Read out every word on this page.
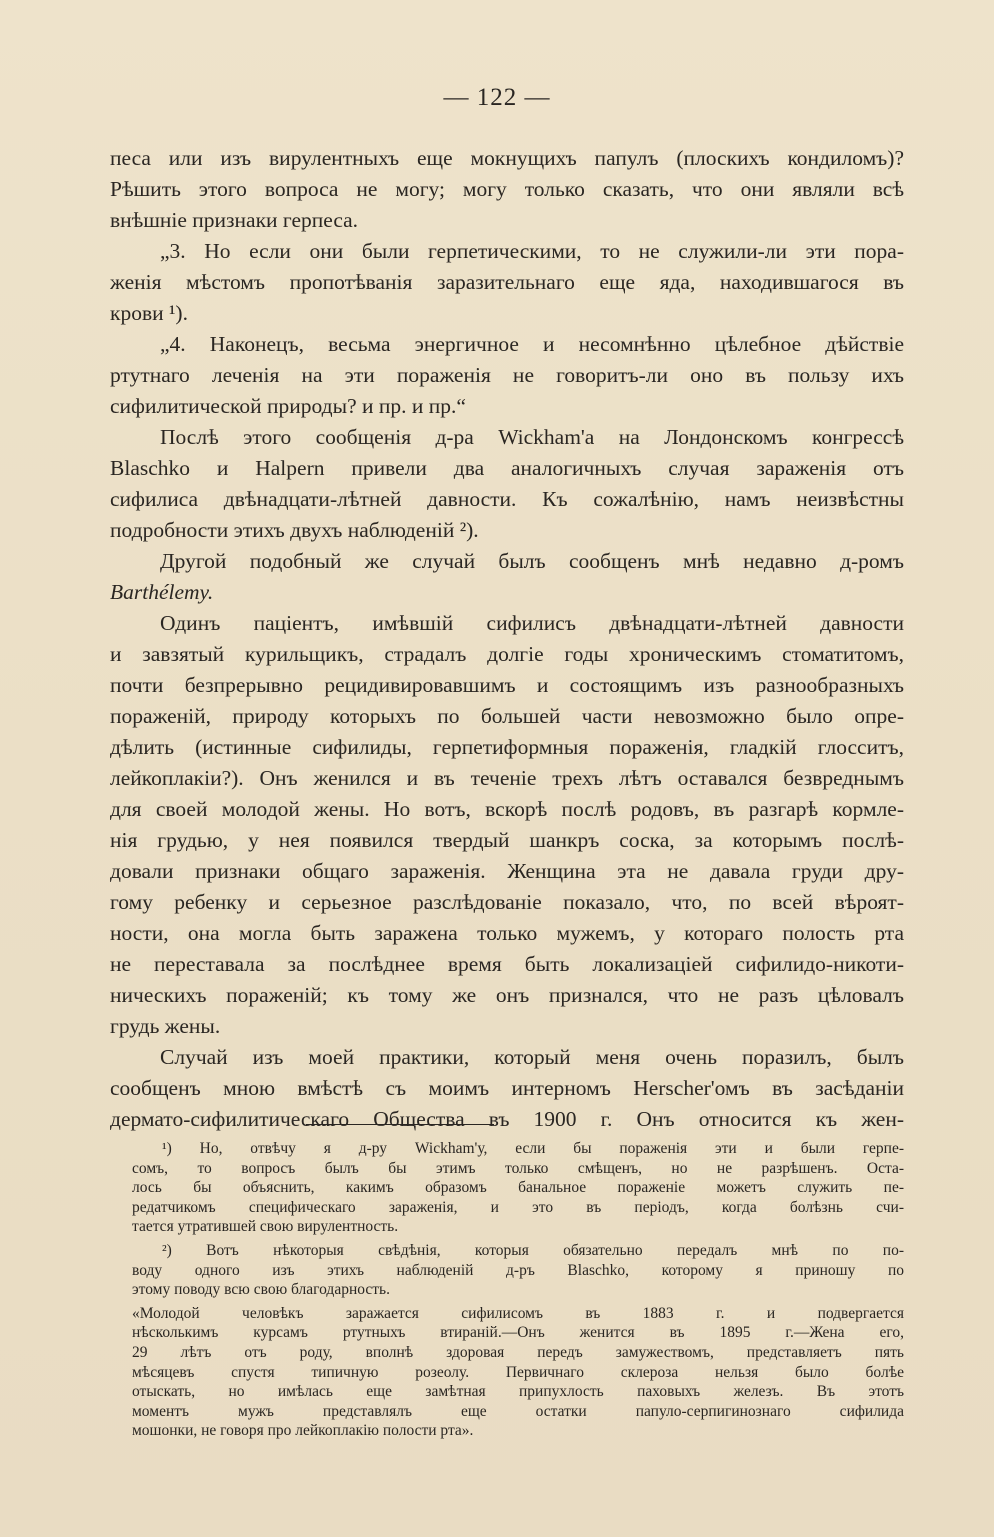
— 122 —
песа или изъ вирулентныхъ еще мокнущихъ папулъ (плоскихъ кондиломъ)?
Рѣшить этого вопроса не могу; могу только сказать, что они являли всѣ
внѣшніе признаки герпеса.
„3. Но если они были герпетическими, то не служили-ли эти пора-
женія мѣстомъ пропотѣванія заразительнаго еще яда, находившагося въ
крови ¹).
„4. Наконецъ, весьма энергичное и несомнѣнно цѣлебное дѣйствіе
ртутнаго леченія на эти пораженія не говоритъ-ли оно въ пользу ихъ
сифилитической природы? и пр. и пр.“
Послѣ этого сообщенія д-ра Wickham'а на Лондонскомъ конгрессѣ
Blaschko и Halpern привели два аналогичныхъ случая зараженія отъ
сифилиса двѣнадцати-лѣтней давности. Къ сожалѣнію, намъ неизвѣстны
подробности этихъ двухъ наблюденій ²).
Другой подобный же случай былъ сообщенъ мнѣ недавно д-ромъ
Barthélemy.
Одинъ паціентъ, имѣвшій сифилисъ двѣнадцати-лѣтней давности
и завзятый курильщикъ, страдалъ долгіе годы хроническимъ стоматитомъ,
почти безпрерывно рецидивировавшимъ и состоящимъ изъ разнообразныхъ
пораженій, природу которыхъ по большей части невозможно было опре-
дѣлить (истинные сифилиды, герпетиформныя пораженія, гладкій глосситъ,
лейкоплакіи?). Онъ женился и въ теченіе трехъ лѣтъ оставался безвреднымъ
для своей молодой жены. Но вотъ, вскорѣ послѣ родовъ, въ разгарѣ кормле-
нія грудью, у нея появился твердый шанкръ соска, за которымъ послѣ-
довали признаки общаго зараженія. Женщина эта не давала груди дру-
гому ребенку и серьезное разслѣдованіе показало, что, по всей вѣроят-
ности, она могла быть заражена только мужемъ, у котораго полость рта
не переставала за послѣднее время быть локализаціей сифилидо-никоти-
ническихъ пораженій; къ тому же онъ признался, что не разъ цѣловалъ
грудь жены.
Случай изъ моей практики, который меня очень поразилъ, былъ
сообщенъ мною вмѣстѣ съ моимъ интерномъ Herscher'омъ въ засѣданіи
дермато-сифилитическаго Общества въ 1900 г. Онъ относится къ жен-
¹) Но, отвѣчу я д-ру Wickham'у, если бы пораженія эти и были герпе-
сомъ, то вопросъ былъ бы этимъ только смѣщенъ, но не разрѣшенъ. Оста-
лось бы объяснить, какимъ образомъ банальное пораженіе можетъ служить пе-
редатчикомъ специфическаго зараженія, и это въ періодъ, когда болѣзнь счи-
тается утратившей свою вирулентность.
²) Вотъ нѣкоторыя свѣдѣнія, которыя обязательно передалъ мнѣ по по-
воду одного изъ этихъ наблюденій д-ръ Blaschko, которому я приношу по
этому поводу всю свою благодарность.
«Молодой человѣкъ заражается сифилисомъ въ 1883 г. и подвергается
нѣсколькимъ курсамъ ртутныхъ втираній.—Онъ женится въ 1895 г.—Жена его,
29 лѣтъ отъ роду, вполнѣ здоровая передъ замужествомъ, представляетъ пять
мѣсяцевъ спустя типичную розеолу. Первичнаго склероза нельзя было болѣе
отыскать, но имѣлась еще замѣтная припухлость паховыхъ железъ. Въ этотъ
моментъ мужъ представлялъ еще остатки папуло-серпигинознаго сифилида
мошонки, не говоря про лейкоплакію полости рта».
